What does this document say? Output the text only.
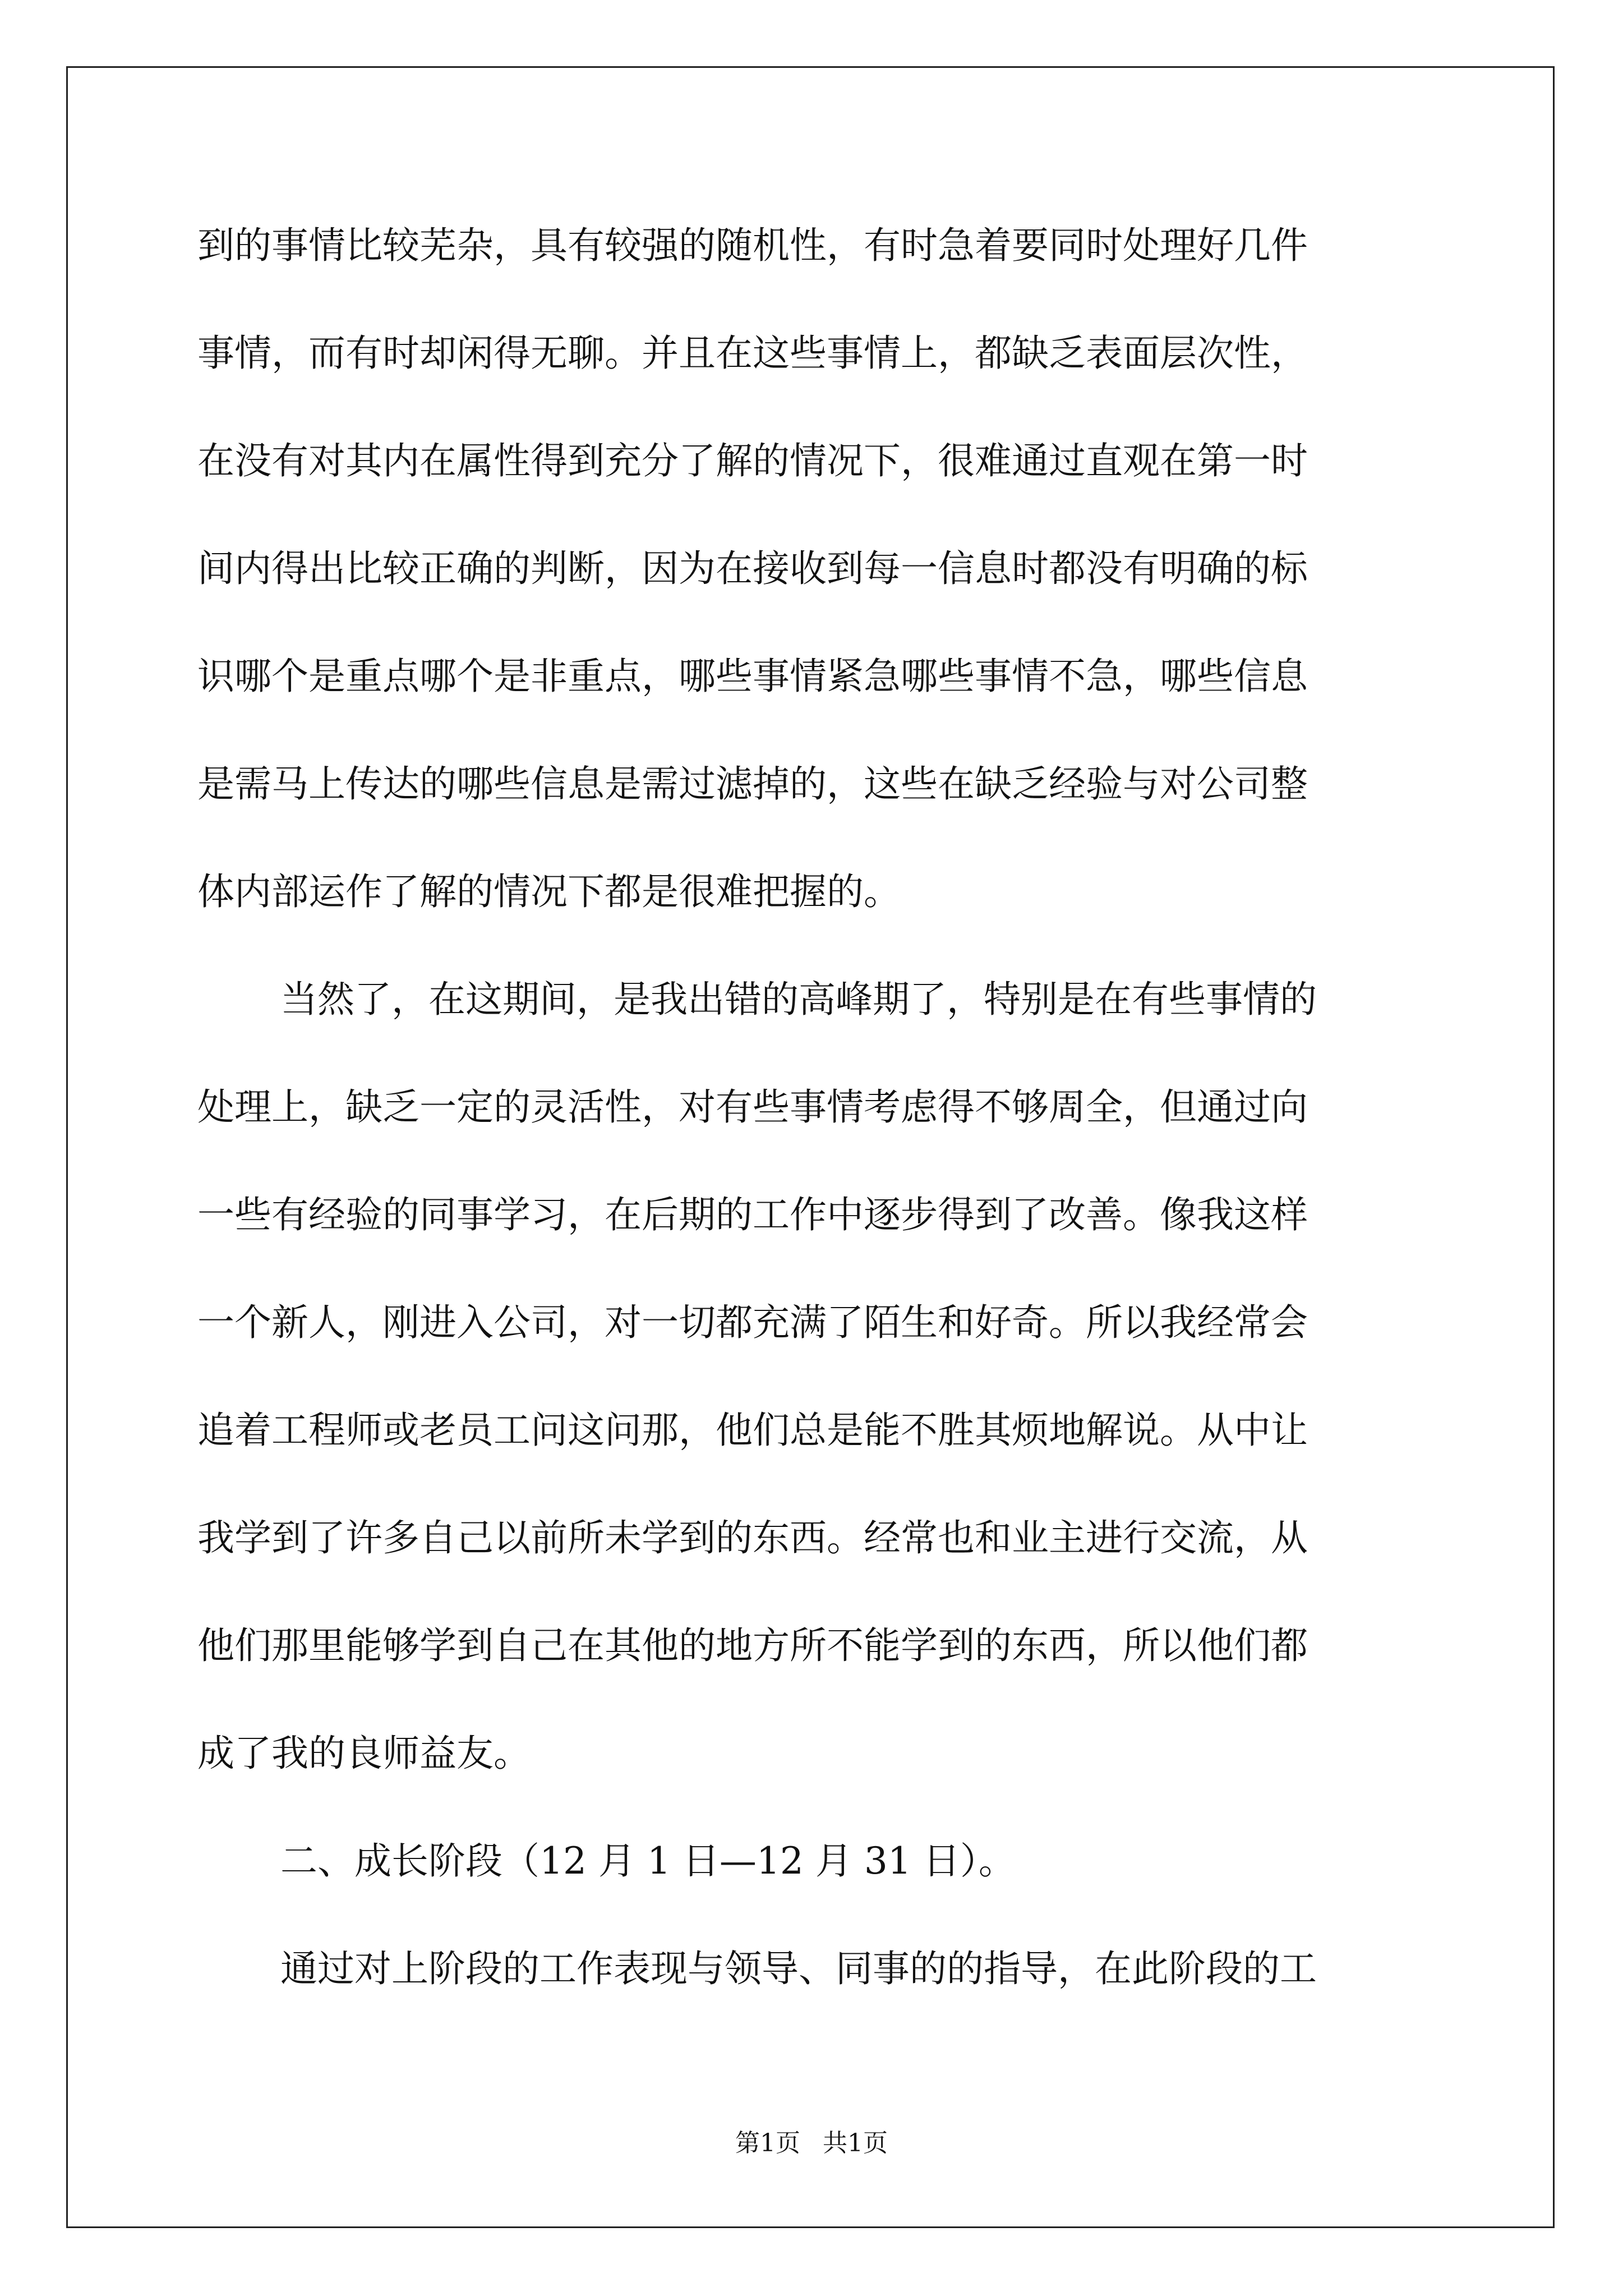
到的事情比较芜杂，具有较强的随机性，有时急着要同时处理好几件
事情，而有时却闲得无聊。并且在这些事情上，都缺乏表面层次性，
在没有对其内在属性得到充分了解的情况下，很难通过直观在第一时
间内得出比较正确的判断，因为在接收到每一信息时都没有明确的标
识哪个是重点哪个是非重点，哪些事情紧急哪些事情不急，哪些信息
是需马上传达的哪些信息是需过滤掉的，这些在缺乏经验与对公司整
体内部运作了解的情况下都是很难把握的。
当然了，在这期间，是我出错的高峰期了，特别是在有些事情的
处理上，缺乏一定的灵活性，对有些事情考虑得不够周全，但通过向
一些有经验的同事学习，在后期的工作中逐步得到了改善。像我这样
一个新人，刚进入公司，对一切都充满了陌生和好奇。所以我经常会
追着工程师或老员工问这问那，他们总是能不胜其烦地解说。从中让
我学到了许多自己以前所未学到的东西。经常也和业主进行交流，从
他们那里能够学到自己在其他的地方所不能学到的东西，所以他们都
成了我的良师益友。
二、成长阶段（12 月 1 日—12 月 31 日）。
通过对上阶段的工作表现与领导、同事的的指导，在此阶段的工
第1页 共1页
